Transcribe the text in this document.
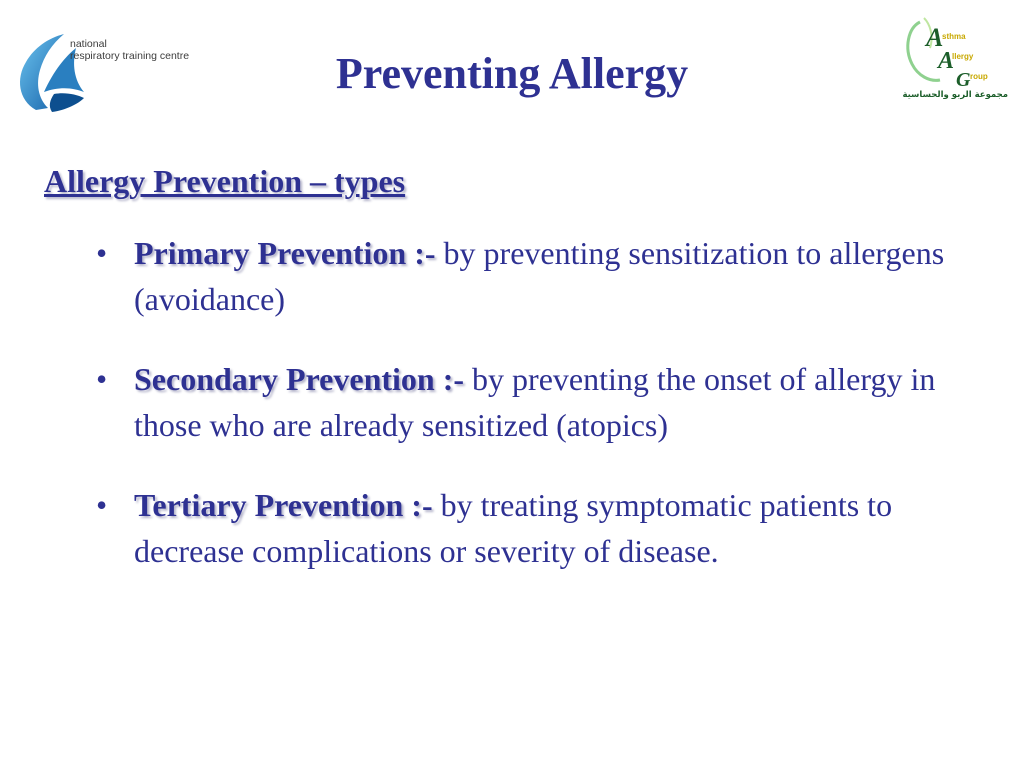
national
respiratory training centre	Preventing Allergy
A
A
G
sthma
llergy
roup
مجموعة الربو والحساسية
Allergy Prevention – types
• Primary Prevention :- by preventing sensitization to allergens (avoidance)
• Secondary Prevention :- by preventing the onset of allergy in those who are already sensitized (atopics)
• Tertiary Prevention :- by treating symptomatic patients to decrease complications or severity of disease.
